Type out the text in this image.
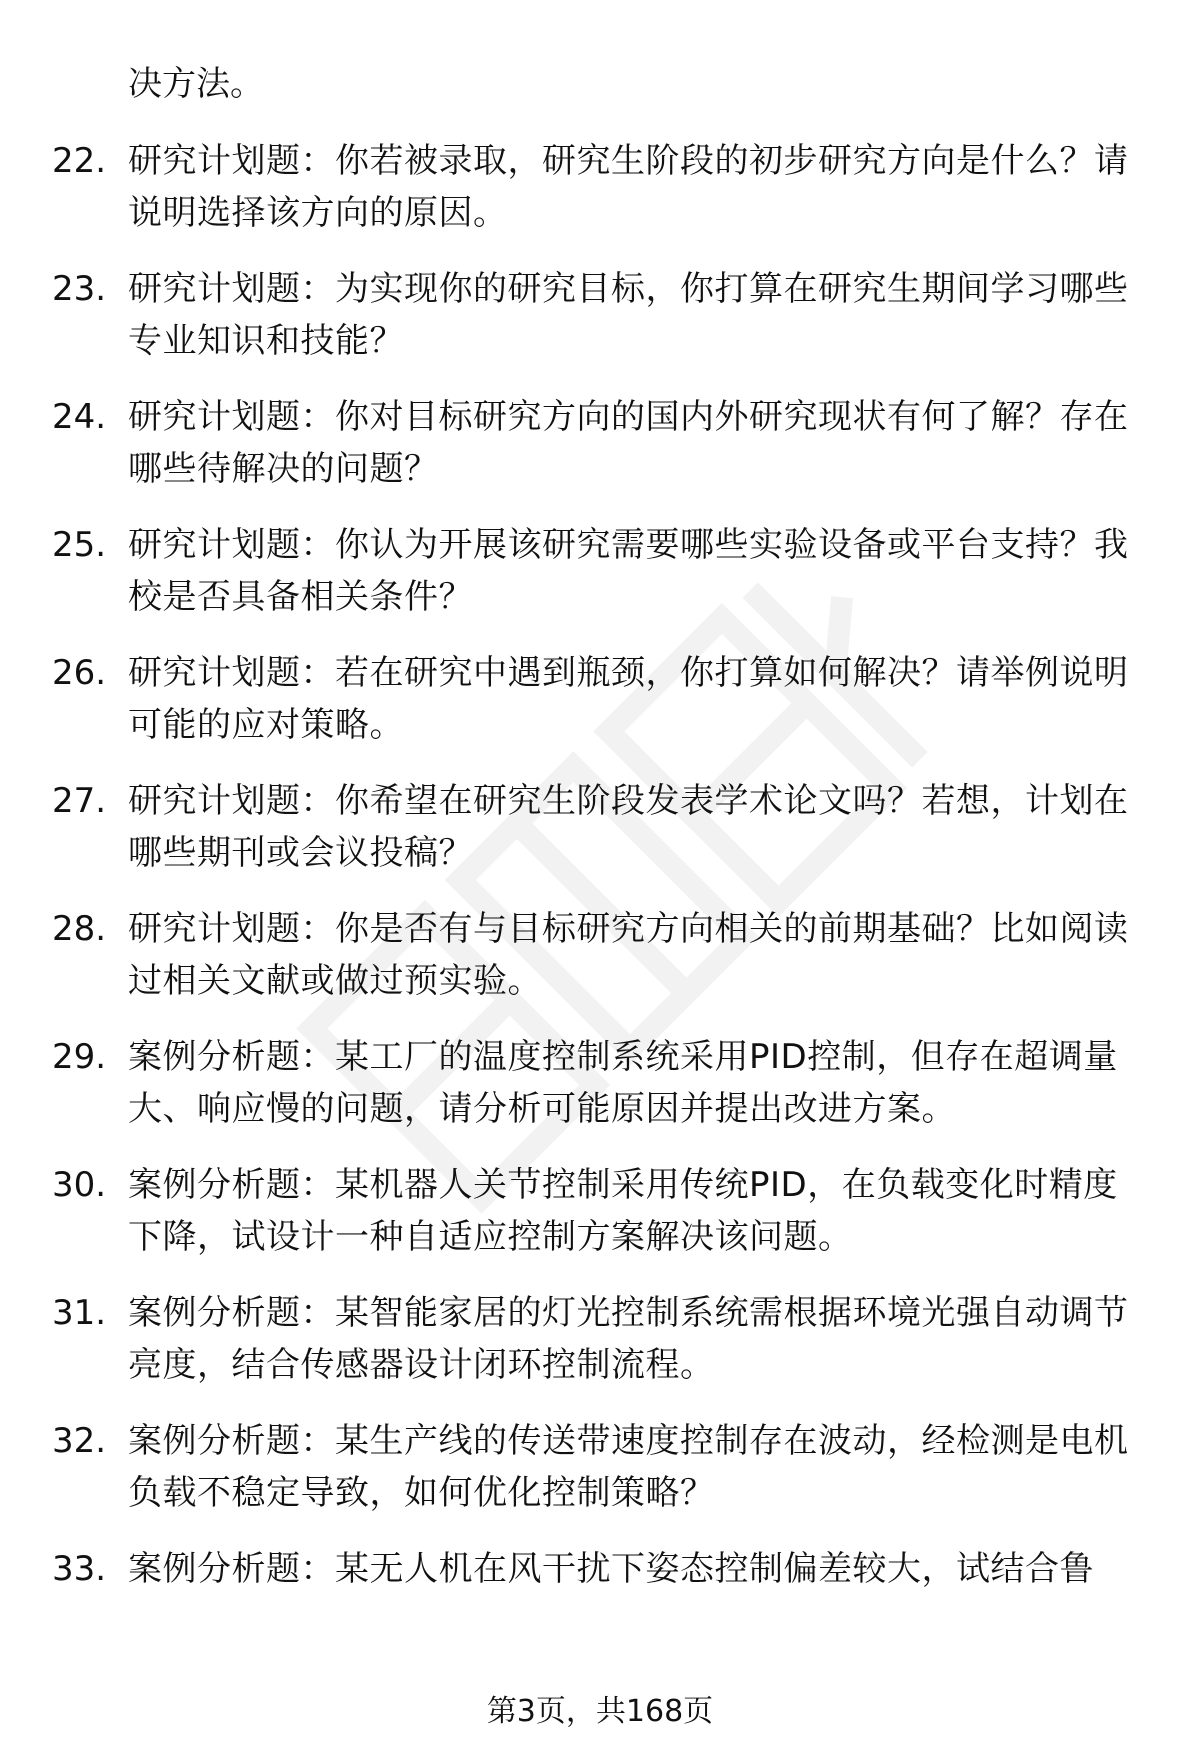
决方法。

22. 研究计划题：你若被录取，研究生阶段的初步研究方向是什么？请说明选择该方向的原因。
23. 研究计划题：为实现你的研究目标，你打算在研究生期间学习哪些专业知识和技能？
24. 研究计划题：你对目标研究方向的国内外研究现状有何了解？存在哪些待解决的问题？
25. 研究计划题：你认为开展该研究需要哪些实验设备或平台支持？我校是否具备相关条件？
26. 研究计划题：若在研究中遇到瓶颈，你打算如何解决？请举例说明可能的应对策略。
27. 研究计划题：你希望在研究生阶段发表学术论文吗？若想，计划在哪些期刊或会议投稿？
28. 研究计划题：你是否有与目标研究方向相关的前期基础？比如阅读过相关文献或做过预实验。
29. 案例分析题：某工厂的温度控制系统采用PID控制，但存在超调量大、响应慢的问题，请分析可能原因并提出改进方案。
30. 案例分析题：某机器人关节控制采用传统PID，在负载变化时精度下降，试设计一种自适应控制方案解决该问题。
31. 案例分析题：某智能家居的灯光控制系统需根据环境光强自动调节亮度，结合传感器设计闭环控制流程。
32. 案例分析题：某生产线的传送带速度控制存在波动，经检测是电机负载不稳定导致，如何优化控制策略？
33. 案例分析题：某无人机在风干扰下姿态控制偏差较大，试结合鲁
第3页，共168页
